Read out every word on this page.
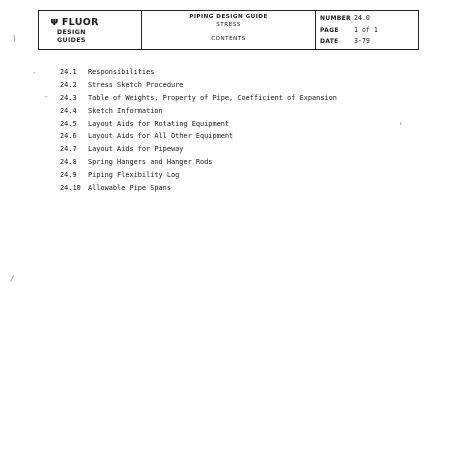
ᴪ FLUOR
DESIGN
GUIDES
PIPING DESIGN GUIDE
STRESS
CONTENTS
NUMBER 24.0
PAGE 1 of 1
DATE 3-79
24.1 Responsibilities
24.2 Stress Sketch Procedure
24.3 Table of Weights, Property of Pipe, Coefficient of Expansion
24.4 Sketch Information
24.5 Layout Aids for Rotating Equipment
24.6 Layout Aids for All Other Equipment
24.7 Layout Aids for Pipeway
24.8 Spring Hangers and Hanger Rods
24.9 Piping Flexibility Log
24.10 Allowable Pipe Spans
)
-
-
ʼ
/
